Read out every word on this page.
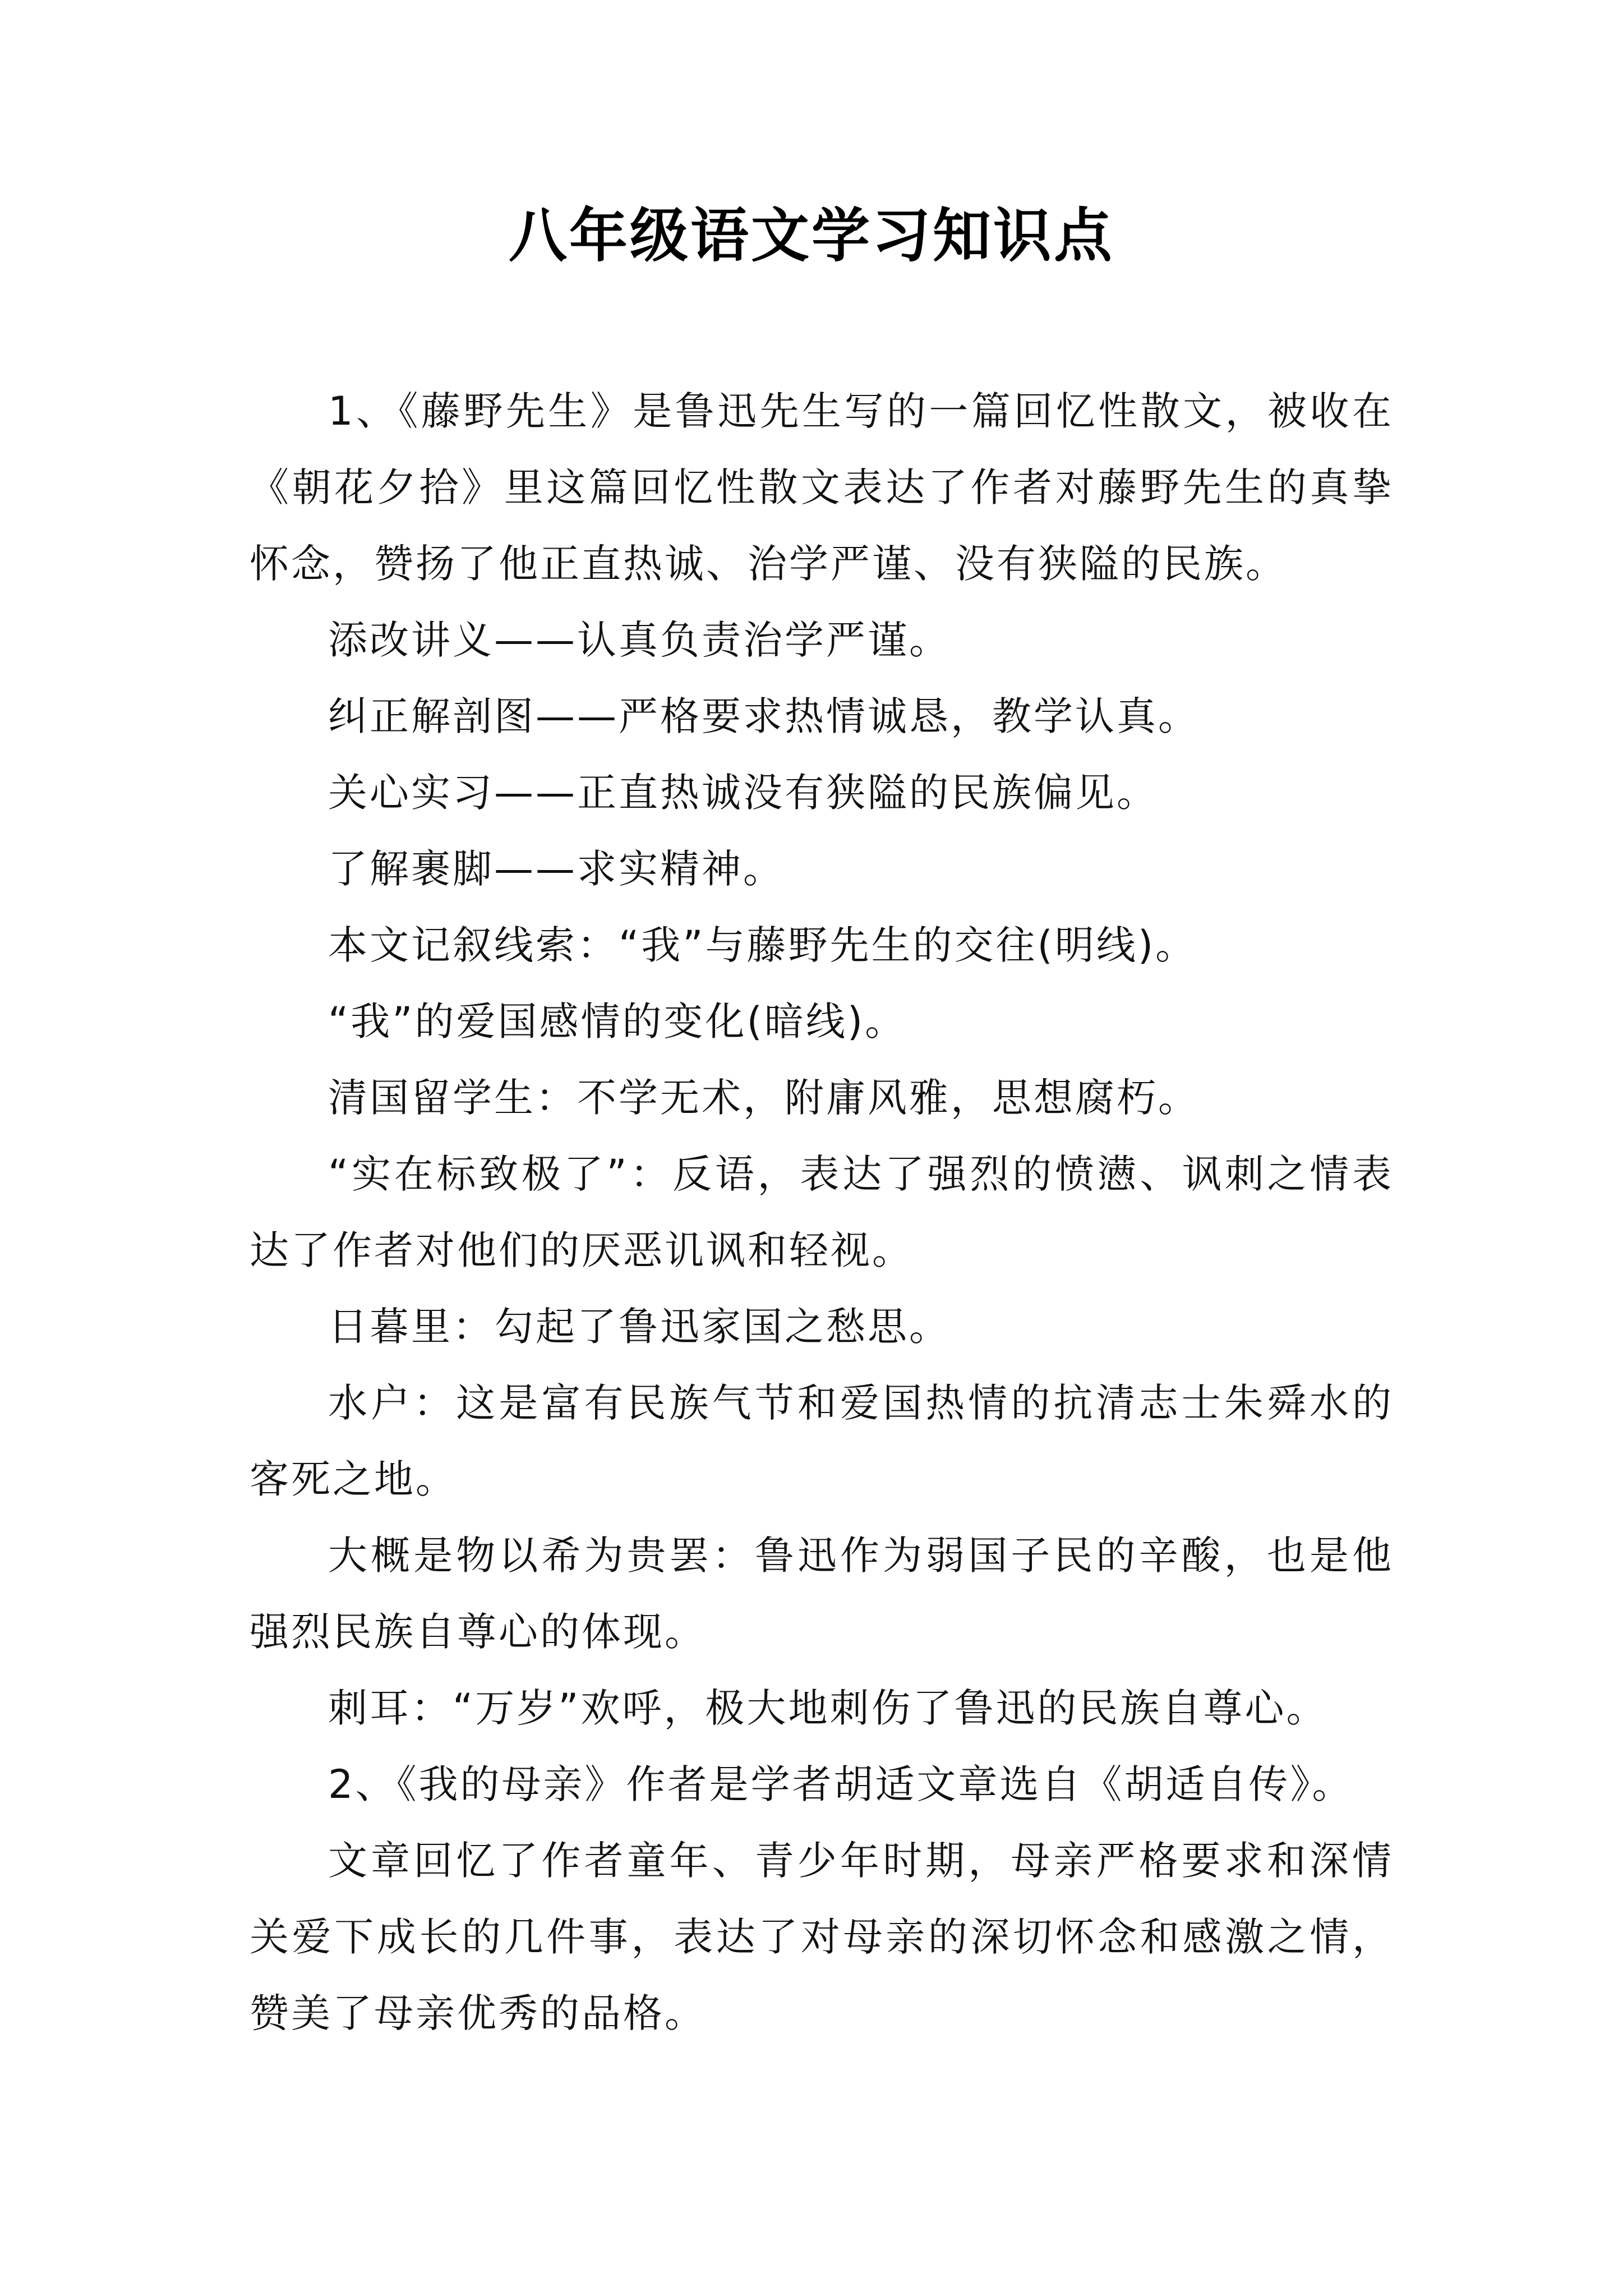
八年级语文学习知识点

1、《藤野先生》是鲁迅先生写的一篇回忆性散文，被收在《朝花夕拾》里这篇回忆性散文表达了作者对藤野先生的真挚怀念，赞扬了他正直热诚、治学严谨、没有狭隘的民族。

添改讲义——认真负责治学严谨。

纠正解剖图——严格要求热情诚恳，教学认真。

关心实习——正直热诚没有狭隘的民族偏见。

了解裹脚——求实精神。

本文记叙线索：“我”与藤野先生的交往(明线)。

“我”的爱国感情的变化(暗线)。

清国留学生：不学无术，附庸风雅，思想腐朽。

“实在标致极了”：反语，表达了强烈的愤懑、讽刺之情表达了作者对他们的厌恶讥讽和轻视。

日暮里：勾起了鲁迅家国之愁思。

水户：这是富有民族气节和爱国热情的抗清志士朱舜水的客死之地。

大概是物以希为贵罢：鲁迅作为弱国子民的辛酸，也是他强烈民族自尊心的体现。

刺耳：“万岁”欢呼，极大地刺伤了鲁迅的民族自尊心。

2、《我的母亲》作者是学者胡适文章选自《胡适自传》。

文章回忆了作者童年、青少年时期，母亲严格要求和深情关爱下成长的几件事，表达了对母亲的深切怀念和感激之情，赞美了母亲优秀的品格。
